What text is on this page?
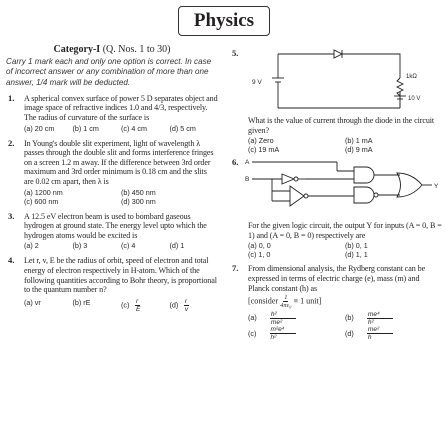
Physics
Category-I (Q. Nos. 1 to 30)
Carry 1 mark each and only one option is correct. In case of incorrect answer or any combination of more than one answer, 1/4 mark will be deducted.
1. A spherical convex surface of power 5 D separates object and image space of refractive indices 1.0 and 4/3, respectively. The radius of curvature of the surface is
(a) 20 cm	(b) 1 cm	(c) 4 cm	(d) 5 cm
2. In Young's double slit experiment, light of wavelength λ passes through the double slit and forms interference fringes on a screen 1.2 m away. If the difference between 3rd order maximum and 3rd order minimum is 0.18 cm and the slits are 0.02 cm apart, then λ is
(a) 1200 nm	(b) 450 nm
(c) 600 nm	(d) 300 nm
3. A 12.5 eV electron beam is used to bombard gaseous hydrogen at ground state. The energy level upto which the hydrogen atoms would be excited is
(a) 2	(b) 3	(c) 4	(d) 1
4. Let r, v, E be the radius of orbit, speed of electron and total energy of electron respectively in H-atom. Which of the following quantities according to Bohr theory, is proportional to the quantum number n?
(a) vr	(b) rE	$(c) \frac{r}{E}$	$(d) \frac{r}{v}$
5.
9 V
1kΩ
10 V
What is the value of current through the diode in the circuit given?
(a) Zero	(b) 1 mA
(c) 19 mA	(d) 9 mA
6. A
B
Y
For the given logic circuit, the output Y for inputs (A = 0, B = 1) and (A = 0, B = 0) respectively are
(a) 0, 0	(b) 0, 1
(c) 1, 0	(d) 1, 1
7. From dimensional analysis, the Rydberg constant can be expressed in terms of electric charge (e), mass (m) and Planck constant (h) as
[consider $\frac{1}{\text{4πε₀}} \equiv 1$ unit]
$(a) \frac{\text{h²}}{\text{me²}}$	$(b) \frac{\text{me⁴}}{\text{h²}}$
$(c) \frac{\text{m²e⁴}}{\text{h²}}$	$(d) \frac{\text{me²}}{h}$
